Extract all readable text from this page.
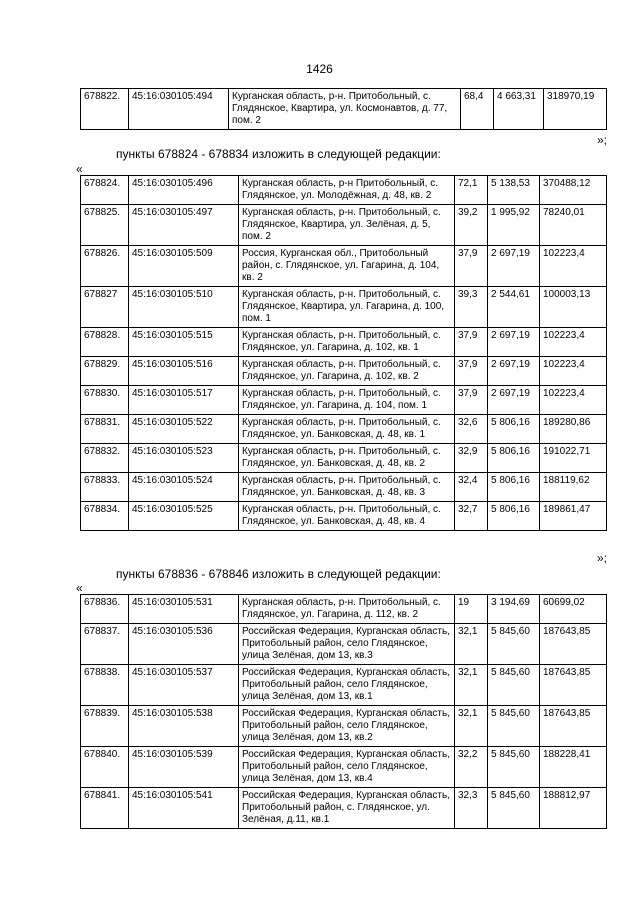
1426
678822.	45:16:030105:494	Курганская область, р-н. Притобольный, с. Глядянское, Квартира, ул. Космонавтов, д. 77, пом. 2	68,4	4 663,31	318970,19
»;
пункты 678824 - 678834 изложить в следующей редакции:
«
678824.	45:16:030105:496	Курганская область, р-н Притобольный, с. Глядянское, ул. Молодёжная, д. 48, кв. 2	72,1	5 138,53	370488,12
678825.	45:16:030105:497	Курганская область, р-н. Притобольный, с. Глядянское, Квартира, ул. Зелёная, д. 5, пом. 2	39,2	1 995,92	78240,01
678826.	45:16:030105:509	Россия, Курганская обл., Притобольный район, с. Глядянское, ул. Гагарина, д. 104, кв. 2	37,9	2 697,19	102223,4
678827	45:16:030105:510	Курганская область, р-н. Притобольный, с. Глядянское, Квартира, ул. Гагарина, д. 100, пом. 1	39,3	2 544,61	100003,13
678828.	45:16:030105:515	Курганская область, р-н. Притобольный, с. Глядянское, ул. Гагарина, д. 102, кв. 1	37,9	2 697,19	102223,4
678829.	45:16:030105:516	Курганская область, р-н. Притобольный, с. Глядянское, ул. Гагарина, д. 102, кв. 2	37,9	2 697,19	102223,4
678830.	45:16:030105:517	Курганская область, р-н. Притобольный, с. Глядянское, ул. Гагарина, д. 104, пом. 1	37,9	2 697,19	102223,4
678831.	45:16:030105:522	Курганская область, р-н. Притобольный, с. Глядянское, ул. Банковская, д. 48, кв. 1	32,6	5 806,16	189280,86
678832.	45:16:030105:523	Курганская область, р-н. Притобольный, с. Глядянское, ул. Банковская, д. 48, кв. 2	32,9	5 806,16	191022,71
678833.	45:16:030105:524	Курганская область, р-н. Притобольный, с. Глядянское, ул. Банковская, д. 48, кв. 3	32,4	5 806,16	188119,62
678834.	45:16:030105:525	Курганская область, р-н. Притобольный, с. Глядянское, ул. Банковская, д. 48, кв. 4	32,7	5 806,16	189861,47
»;
пункты 678836 - 678846 изложить в следующей редакции:
«
678836.	45:16:030105:531	Курганская область, р-н. Притобольный, с. Глядянское, ул. Гагарина, д. 112, кв. 2	19	3 194,69	60699,02
678837.	45:16:030105:536	Российская Федерация, Курганская область, Притобольный район, село Глядянское, улица Зелёная, дом 13, кв.3	32,1	5 845,60	187643,85
678838.	45:16:030105:537	Российская Федерация, Курганская область, Притобольный район, село Глядянское, улица Зелёная, дом 13, кв.1	32,1	5 845,60	187643,85
678839.	45:16:030105:538	Российская Федерация, Курганская область, Притобольный район, село Глядянское, улица Зелёная, дом 13, кв.2	32,1	5 845,60	187643,85
678840.	45:16:030105:539	Российская Федерация, Курганская область, Притобольный район, село Глядянское, улица Зелёная, дом 13, кв.4	32,2	5 845,60	188228,41
678841.	45:16:030105:541	Российская Федерация, Курганская область, Притобольный район, с. Глядянское, ул. Зелёная, д.11, кв.1	32,3	5 845,60	188812,97
